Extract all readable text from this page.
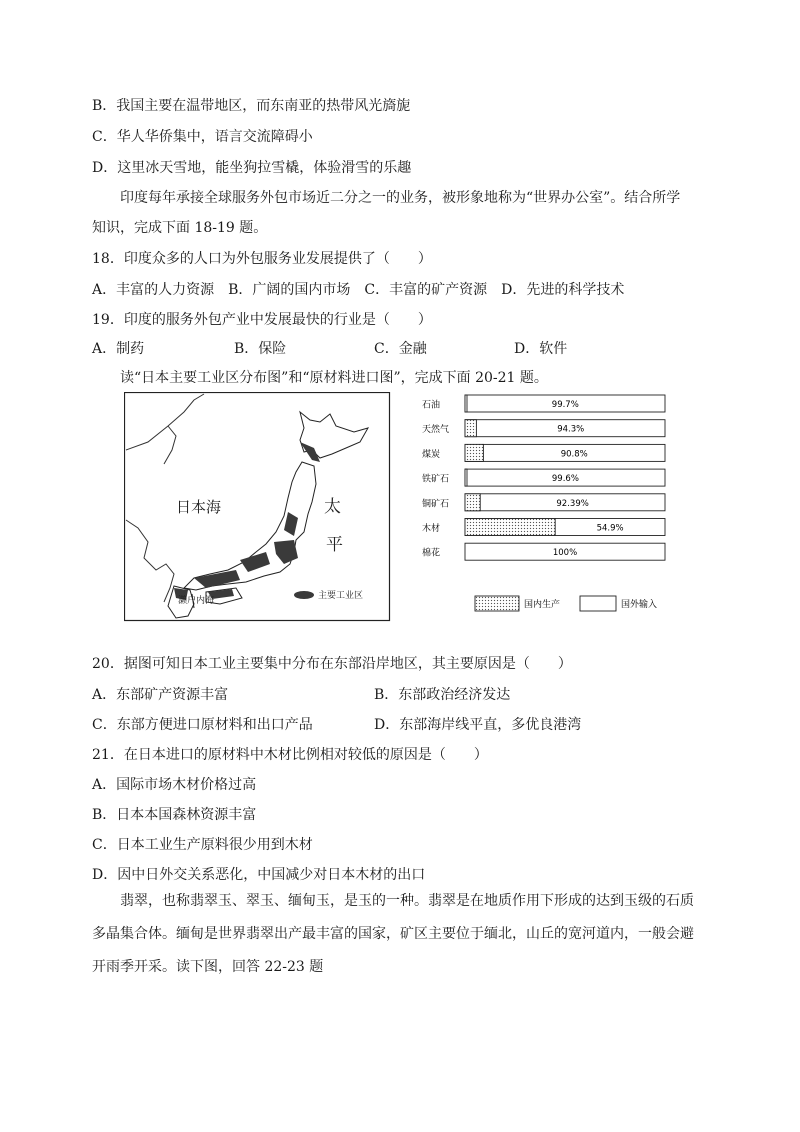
B．我国主要在温带地区，而东南亚的热带风光旖旎
C．华人华侨集中，语言交流障碍小
D．这里冰天雪地，能坐狗拉雪橇，体验滑雪的乐趣
印度每年承接全球服务外包市场近二分之一的业务，被形象地称为“世界办公室”。结合所学
知识，完成下面 18-19 题。
18．印度众多的人口为外包服务业发展提供了（　　）
A．丰富的人力资源　B．广阔的国内市场　C．丰富的矿产资源　D．先进的科学技术
19．印度的服务外包产业中发展最快的行业是（　　）
A．制药	B．保险	C．金融	D．软件
读“日本主要工业区分布图”和“原材料进口图”，完成下面 20-21 题。
日本海	太
平
濑户内海	主要工业区
石油	99.7%
天然气	94.3%
煤炭	90.8%
铁矿石	99.6%
铜矿石	92.39%
木材	54.9%
棉花	100%
国内生产	国外输入
20．据图可知日本工业主要集中分布在东部沿岸地区，其主要原因是（　　）
A．东部矿产资源丰富	B．东部政治经济发达
C．东部方便进口原材料和出口产品	D．东部海岸线平直，多优良港湾
21．在日本进口的原材料中木材比例相对较低的原因是（　　）
A．国际市场木材价格过高
B．日本本国森林资源丰富
C．日本工业生产原料很少用到木材
D．因中日外交关系恶化，中国减少对日本木材的出口
翡翠，也称翡翠玉、翠玉、缅甸玉，是玉的一种。翡翠是在地质作用下形成的达到玉级的石质
多晶集合体。缅甸是世界翡翠出产最丰富的国家，矿区主要位于缅北，山丘的宽河道内，一般会避
开雨季开采。读下图，回答 22-23 题
